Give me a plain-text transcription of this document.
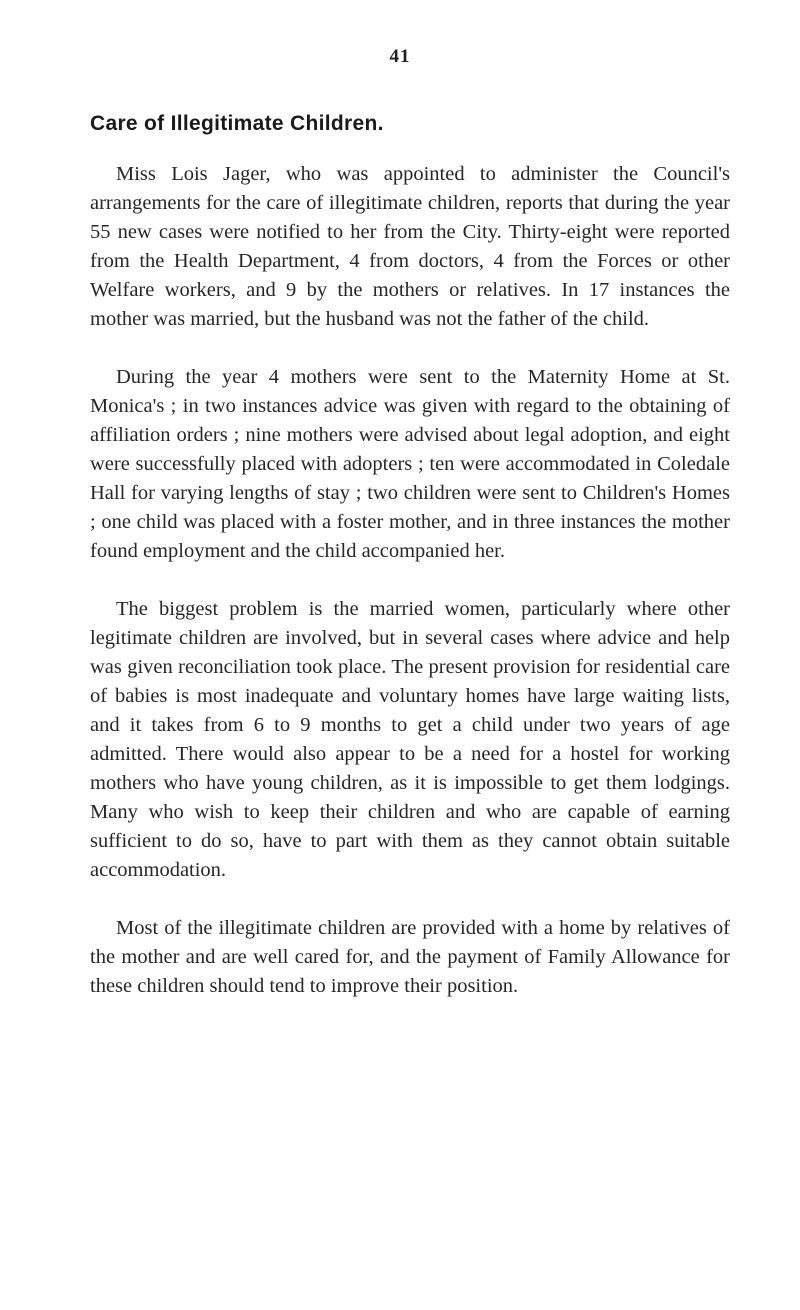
41
Care of Illegitimate Children.

Miss Lois Jager, who was appointed to administer the Council's arrangements for the care of illegitimate children, reports that during the year 55 new cases were notified to her from the City. Thirty-eight were reported from the Health Department, 4 from doctors, 4 from the Forces or other Welfare workers, and 9 by the mothers or relatives. In 17 instances the mother was married, but the husband was not the father of the child.

During the year 4 mothers were sent to the Maternity Home at St. Monica's ; in two instances advice was given with regard to the obtaining of affiliation orders ; nine mothers were advised about legal adoption, and eight were successfully placed with adopters ; ten were accommodated in Coledale Hall for varying lengths of stay ; two children were sent to Children's Homes ; one child was placed with a foster mother, and in three instances the mother found employment and the child accompanied her.

The biggest problem is the married women, particularly where other legitimate children are involved, but in several cases where advice and help was given reconciliation took place. The present provision for residential care of babies is most inadequate and voluntary homes have large waiting lists, and it takes from 6 to 9 months to get a child under two years of age admitted. There would also appear to be a need for a hostel for working mothers who have young children, as it is impossible to get them lodgings. Many who wish to keep their children and who are capable of earning sufficient to do so, have to part with them as they cannot obtain suitable accommodation.

Most of the illegitimate children are provided with a home by relatives of the mother and are well cared for, and the payment of Family Allowance for these children should tend to improve their position.
